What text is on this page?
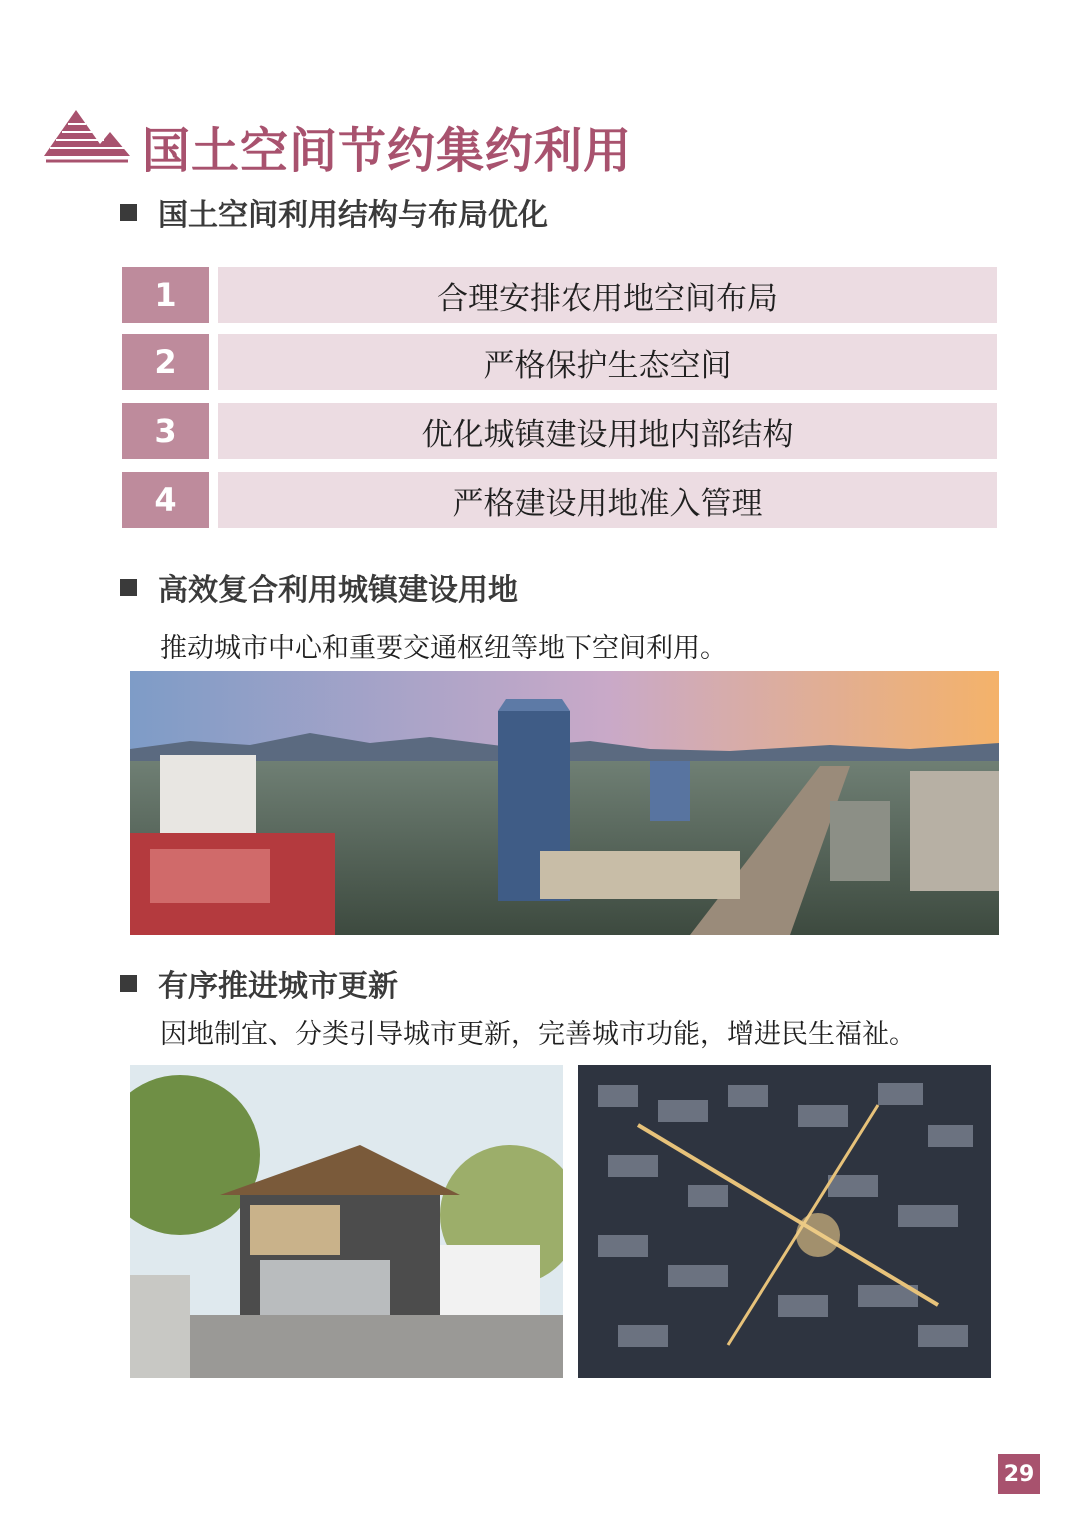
国土空间节约集约利用
国土空间利用结构与布局优化
1	合理安排农用地空间布局
2	严格保护生态空间
3	优化城镇建设用地内部结构
4	严格建设用地准入管理
高效复合利用城镇建设用地
推动城市中心和重要交通枢纽等地下空间利用。
有序推进城市更新
因地制宜、分类引导城市更新，完善城市功能，增进民生福祉。
29
